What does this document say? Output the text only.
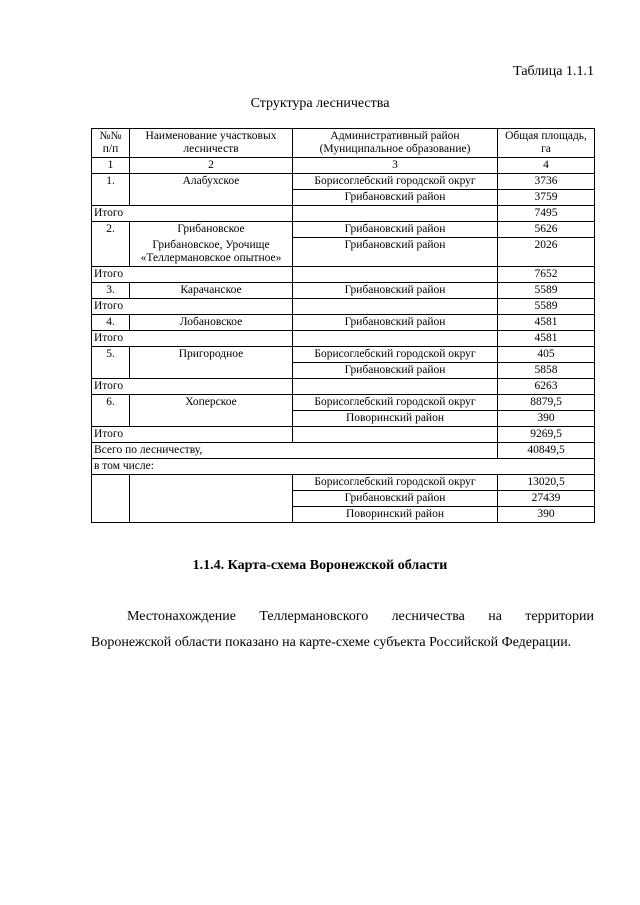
Таблица 1.1.1
Структура лесничества
№№ п/п	Наименование участковых лесничеств	Административный район (Муниципальное образование)	Общая площадь, га
1	2	3	4
1.	Алабухское	Борисоглебский городской округ	3736
		Грибановский район	3759
Итого			7495
2.	Грибановское	Грибановский район	5626
	Грибановское, Урочище «Теллермановское опытное»	Грибановский район	2026
Итого			7652
3.	Карачанское	Грибановский район	5589
Итого			5589
4.	Лобановское	Грибановский район	4581
Итого			4581
5.	Пригородное	Борисоглебский городской округ	405
		Грибановский район	5858
Итого			6263
6.	Хоперское	Борисоглебский городской округ	8879,5
		Поворинский район	390
Итого			9269,5
Всего по лесничеству,			40849,5
в том числе:			
		Борисоглебский городской округ	13020,5
		Грибановский район	27439
		Поворинский район	390
1.1.4. Карта-схема Воронежской области

Местонахождение Теллермановского лесничества на территории Воронежской области показано на карте-схеме субъекта Российской Федерации.
